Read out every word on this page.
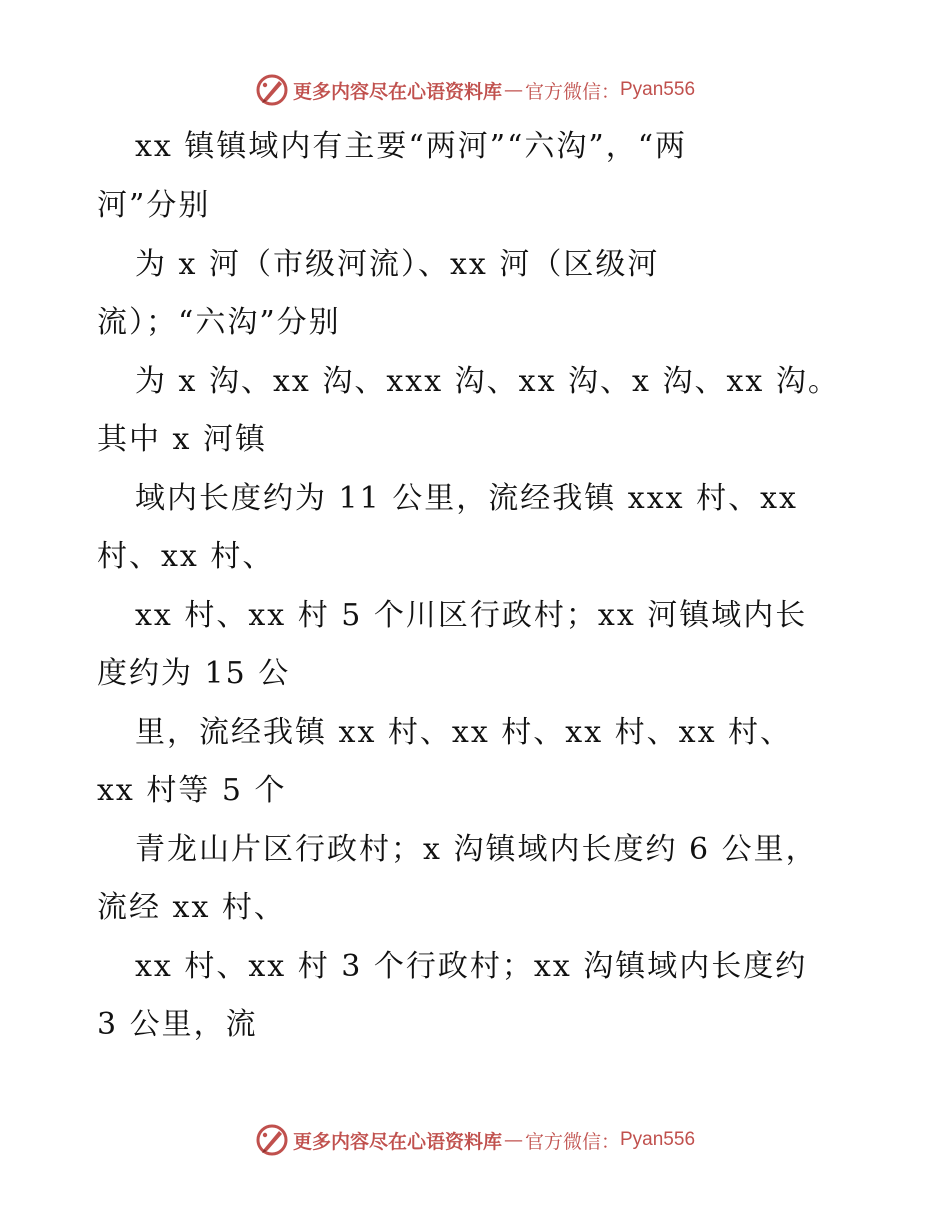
更多内容尽在心语资料库 — 官方微信： Pyan556
xx 镇镇域内有主要“两河”“六沟”，“两
河”分别
为 x 河（市级河流）、xx 河（区级河
流）；“六沟”分别
为 x 沟、xx 沟、xxx 沟、xx 沟、x 沟、xx 沟。
其中 x 河镇
域内长度约为 11 公里，流经我镇 xxx 村、xx
村、xx 村、
xx 村、xx 村 5 个川区行政村；xx 河镇域内长
度约为 15 公
里，流经我镇 xx 村、xx 村、xx 村、xx 村、
xx 村等 5 个
青龙山片区行政村；x 沟镇域内长度约 6 公里，
流经 xx 村、
xx 村、xx 村 3 个行政村；xx 沟镇域内长度约
3 公里，流
更多内容尽在心语资料库 — 官方微信： Pyan556
